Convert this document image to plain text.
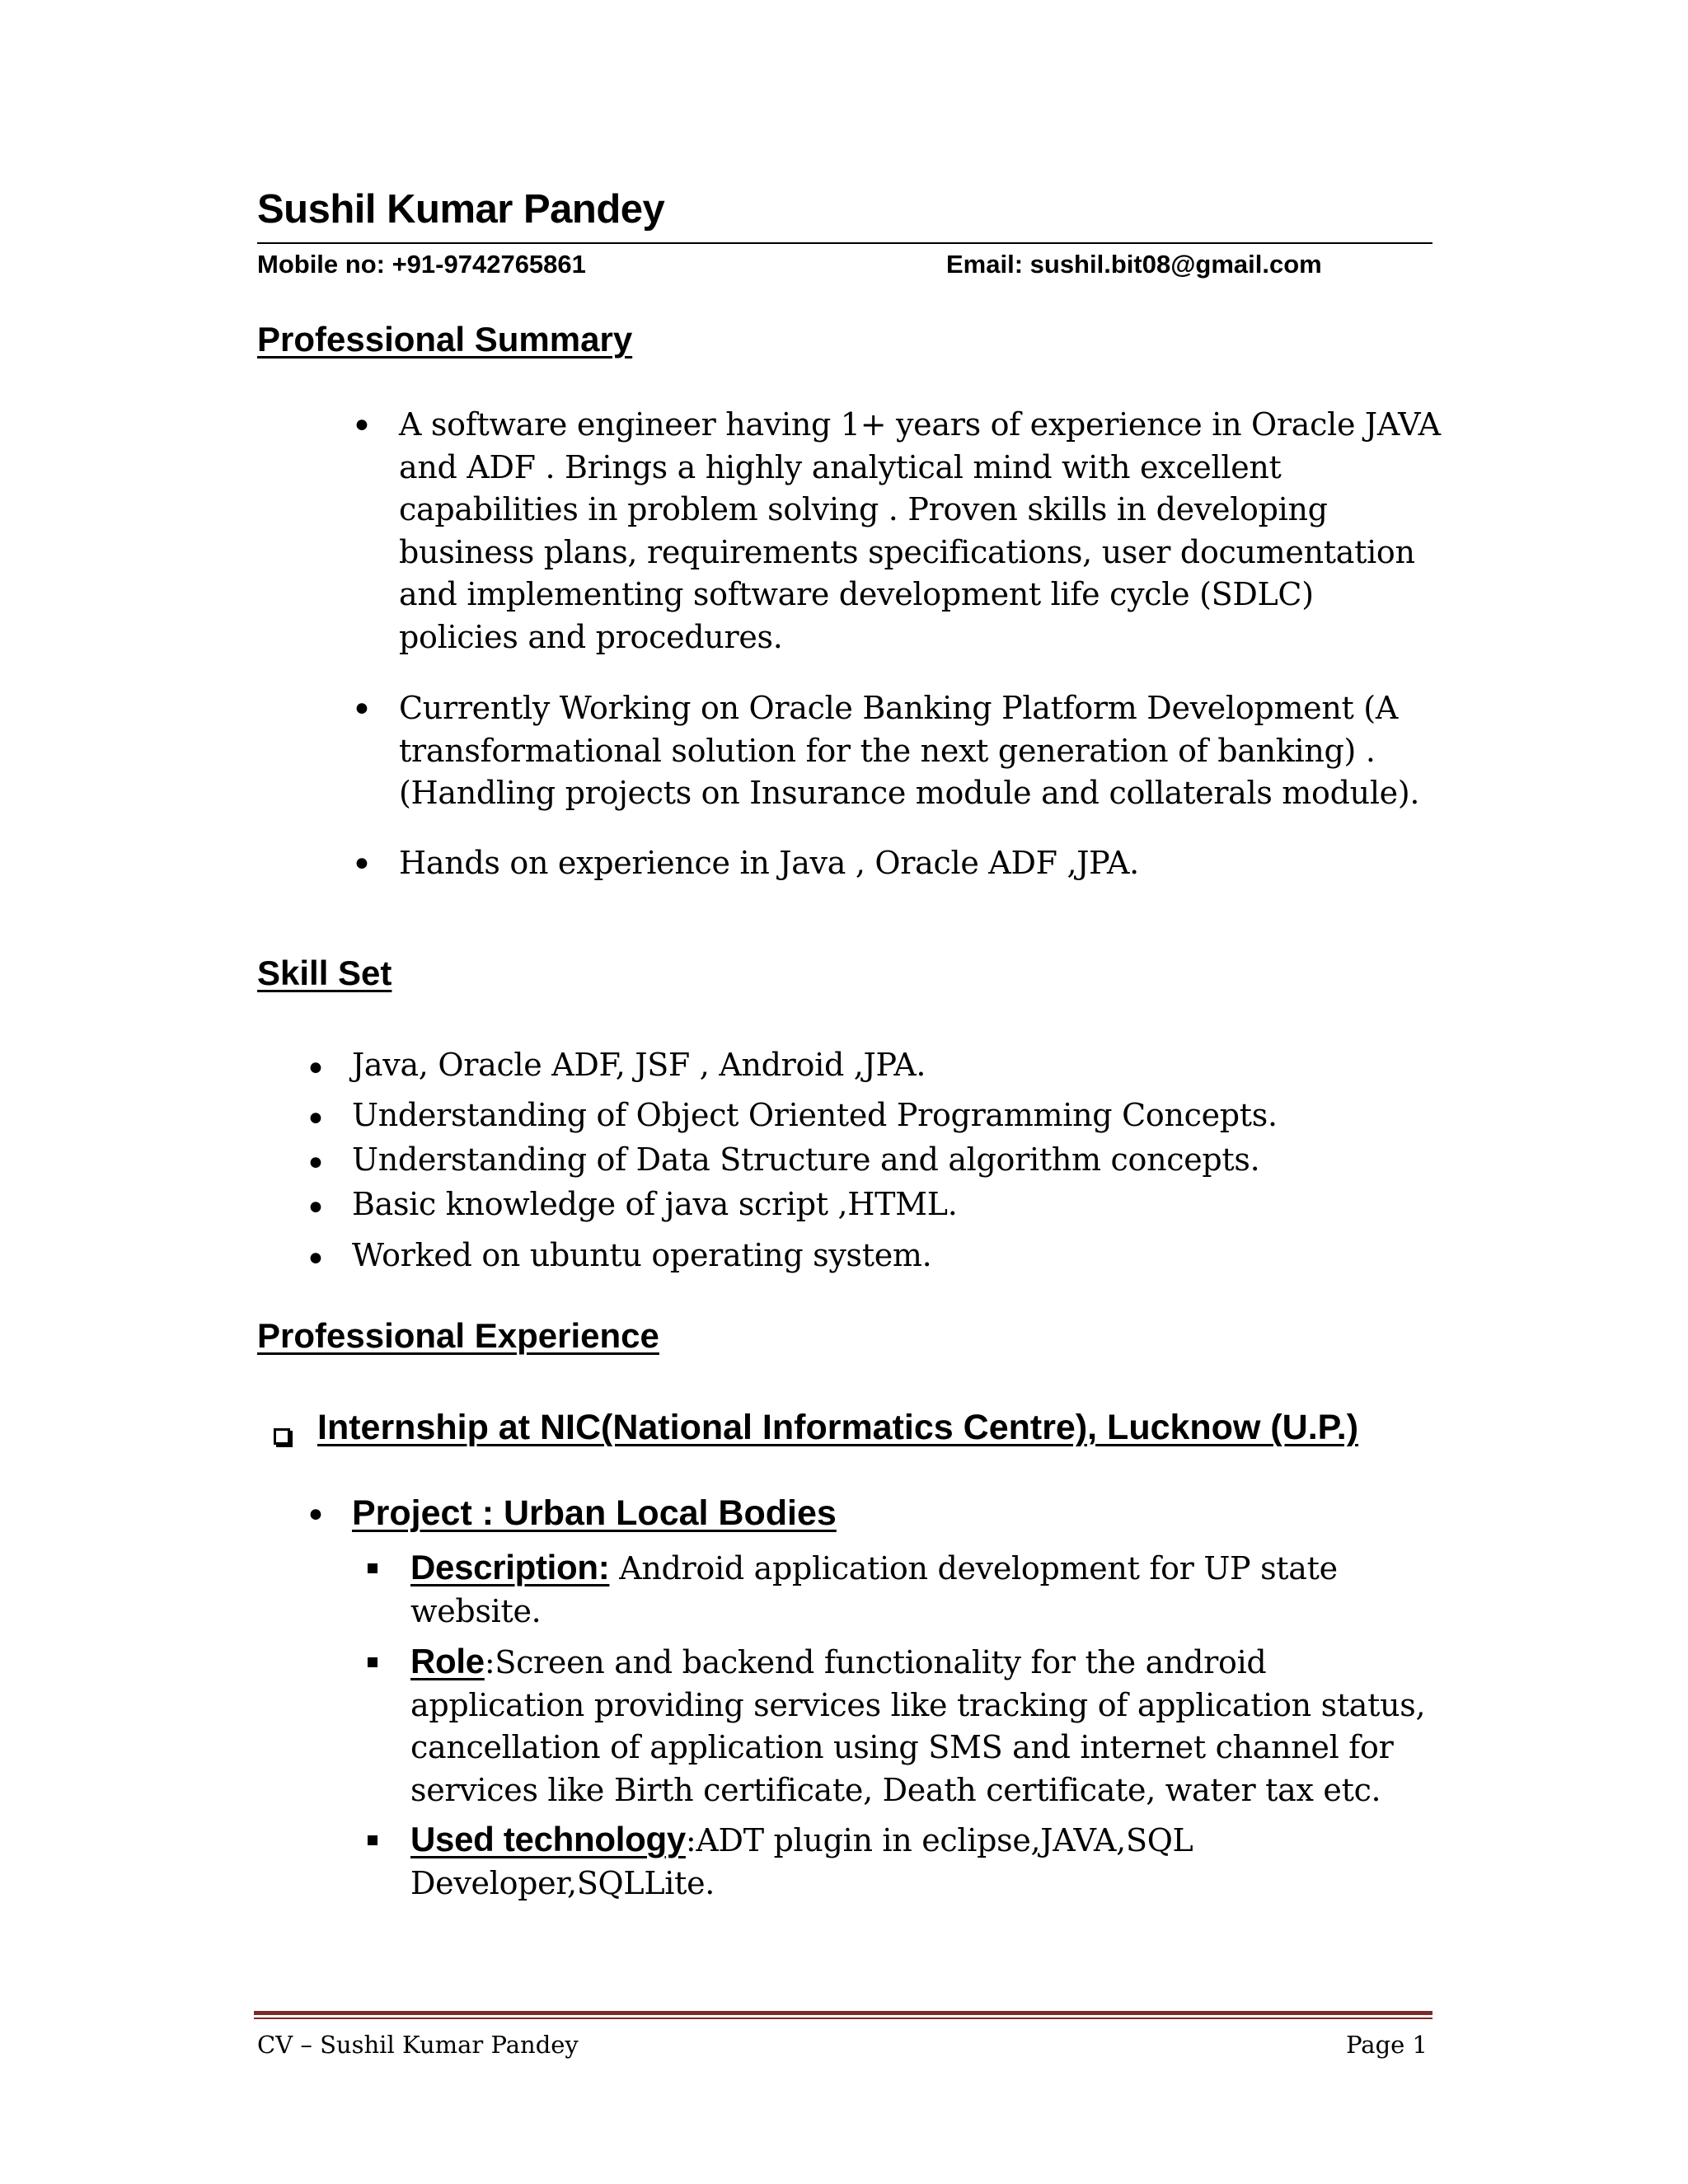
Sushil Kumar Pandey
Mobile no: +91-9742765861	Email: sushil.bit08@gmail.com
Professional Summary
• A software engineer having 1+ years of experience in Oracle JAVA and ADF . Brings a highly analytical mind with excellent capabilities in problem solving . Proven skills in developing business plans, requirements specifications, user documentation and implementing software development life cycle (SDLC) policies and procedures.
• Currently Working on Oracle Banking Platform Development (A transformational solution for the next generation of banking) . (Handling projects on Insurance module and collaterals module).
• Hands on experience in Java , Oracle ADF ,JPA.
Skill Set
• Java, Oracle ADF, JSF , Android ,JPA.
• Understanding of Object Oriented Programming Concepts.
• Understanding of Data Structure and algorithm concepts.
• Basic knowledge of java script ,HTML.
• Worked on ubuntu operating system.
Professional Experience
Internship at NIC(National Informatics Centre), Lucknow (U.P.)
• Project : Urban Local Bodies
Description: Android application development for UP state website.
Role:Screen and backend functionality for the android application providing services like tracking of application status, cancellation of application using SMS and internet channel for services like Birth certificate, Death certificate, water tax etc.
Used technology:ADT plugin in eclipse,JAVA,SQL Developer,SQLLite.
CV – Sushil Kumar Pandey	Page 1
